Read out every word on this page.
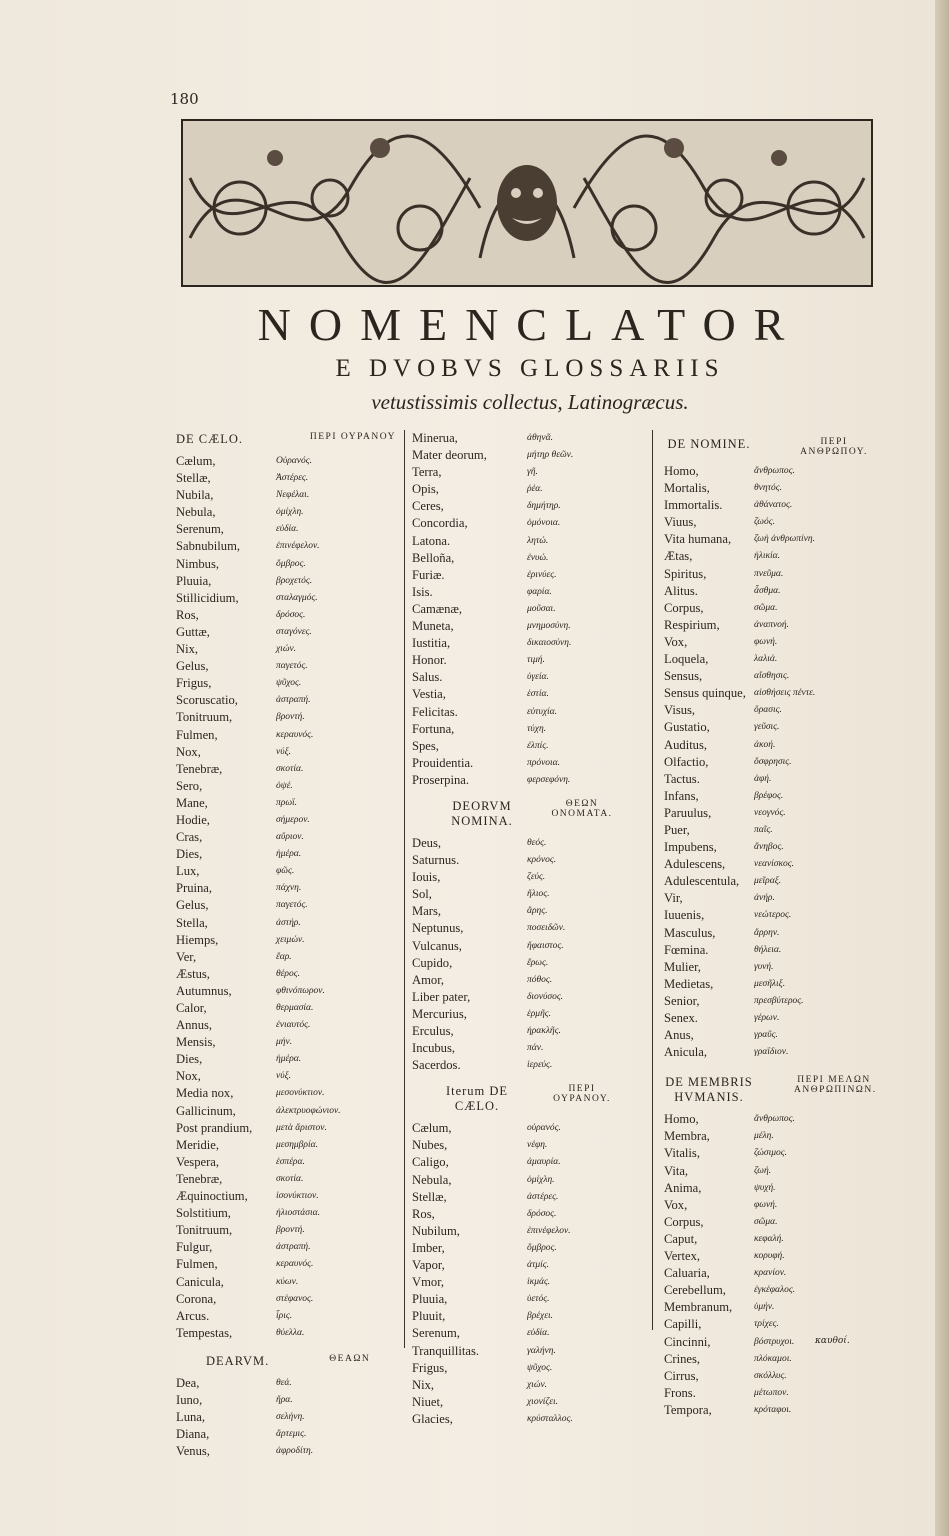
180
NOMENCLATOR
E DVOBVS GLOSSARIIS
vetustissimis collectus, Latinogræcus.
DE CÆLO.	ΠΕΡΙ ΟΥΡΑΝΟΥ
Cælum,	Οὐρανός.
Stellæ,	Ἀστέρες.
Nubila,	Νεφέλαι.
Nebula,	ὁμίχλη.
Serenum,	εὐδία.
Sabnubilum,	ἐπινέφελον.
Nimbus,	ὄμβρος.
Pluuia,	βροχετός.
Stillicidium,	σταλαγμός.
Ros,	δρόσος.
Guttæ,	σταγόνες.
Nix,	χιών.
Gelus,	παγετός.
Frigus,	ψῦχος.
Scoruscatio,	ἀστραπή.
Tonitruum,	βροντή.
Fulmen,	κεραυνός.
Nox,	νύξ.
Tenebræ,	σκοτία.
Sero,	ὀψέ.
Mane,	πρωΐ.
Hodie,	σήμερον.
Cras,	αὔριον.
Dies,	ἡμέρα.
Lux,	φῶς.
Pruina,	πάχνη.
Gelus,	παγετός.
Stella,	ἀστήρ.
Hiemps,	χειμών.
Ver,	ἔαρ.
Æstus,	θέρος.
Autumnus,	φθινόπωρον.
Calor,	θερμασία.
Annus,	ἐνιαυτός.
Mensis,	μήν.
Dies,	ἡμέρα.
Nox,	νύξ.
Media nox,	μεσονύκτιον.
Gallicinum,	ἀλεκτρυοφώνιον.
Post prandium,	μετὰ ἄριστον.
Meridie,	μεσημβρία.
Vespera,	ἑσπέρα.
Tenebræ,	σκοτία.
Æquinoctium,	ἰσονύκτιον.
Solstitium,	ἡλιοστάσια.
Tonitruum,	βροντή.
Fulgur,	ἀστραπή.
Fulmen,	κεραυνός.
Canicula,	κύων.
Corona,	στέφανος.
Arcus.	ἶρις.
Tempestas,	θύελλα.
DEARVM.	ΘΕΑΩΝ
Dea,	θεά.
Iuno,	ἥρα.
Luna,	σελήνη.
Diana,	ἄρτεμις.
Venus,	ἀφροδίτη.
Minerua,	ἀθηνᾶ.
Mater deorum,	μήτηρ θεῶν.
Terra,	γῆ.
Opis,	ῥέα.
Ceres,	δημήτηρ.
Concordia,	ὁμόνοια.
Latona.	λητώ.
Belloña,	ἐνυώ.
Furiæ.	ἐρινύες.
Isis.	φαρία.
Camænæ,	μοῦσαι.
Muneta,	μνημοσύνη.
Iustitia,	δικαιοσύνη.
Honor.	τιμή.
Salus.	ὑγεία.
Vestia,	ἑστία.
Felicitas.	εὐτυχία.
Fortuna,	τύχη.
Spes,	ἐλπίς.
Prouidentia.	πρόνοια.
Proserpina.	φερσεφόνη.
DEORVM NOMINA.
ΘΕΩΝ ΟΝΟΜΑΤΑ.
Deus,	θεός.
Saturnus.	κρόνος.
Iouis,	ζεύς.
Sol,	ἥλιος.
Mars,	ἄρης.
Neptunus,	ποσειδῶν.
Vulcanus,	ἥφαιστος.
Cupido,	ἔρως.
Amor,	πόθος.
Liber pater,	διονύσος.
Mercurius,	ἑρμῆς.
Erculus,	ἡρακλῆς.
Incubus,	πάν.
Sacerdos.	ἱερεύς.
Iterum DE CÆLO.
ΠΕΡΙ ΟΥΡΑΝΟΥ.
Cælum,	οὐρανός.
Nubes,	νέφη.
Caligo,	ἀμαυρία.
Nebula,	ὁμίχλη.
Stellæ,	ἀστέρες.
Ros,	δρόσος.
Nubilum,	ἐπινέφελον.
Imber,	ὄμβρος.
Vapor,	ἀτμίς.
Vmor,	ἰκμάς.
Pluuia,	ὑετός.
Pluuit,	βρέχει.
Serenum,	εὐδία.
Tranquillitas.	γαλήνη.
Frigus,	ψῦχος.
Nix,	χιών.
Niuet,	χιονίζει.
Glacies,	κρύσταλλος.
DE NOMINE.	ΠΕΡΙ ΑΝΘΡΩΠΟΥ.
Homo,	ἄνθρωπος.
Mortalis,	θνητός.
Immortalis.	ἀθάνατος.
Viuus,	ζωός.
Vita humana,	ζωὴ ἀνθρωπίνη.
Ætas,	ἡλικία.
Spiritus,	πνεῦμα.
Alitus.	ἆσθμα.
Corpus,	σῶμα.
Respirium,	ἀναπνοή.
Vox,	φωνή.
Loquela,	λαλιά.
Sensus,	αἴσθησις.
Sensus quinque, αἰσθήσεις πέντε.
Visus,	ὅρασις.
Gustatio,	γεῦσις.
Auditus,	ἀκοή.
Olfactio,	ὄσφρησις.
Tactus.	ἁφή.
Infans,	βρέφος.
Paruulus,	νεογνός.
Puer,	παῖς.
Impubens,	ἄνηβος.
Adulescens,	νεανίσκος.
Adulescentula,	μεῖραξ.
Vir,	ἀνήρ.
Iuuenis,	νεώτερος.
Masculus,	ἄρρην.
Fœmina.	θήλεια.
Mulier,	γυνή.
Medietas,	μεσῆλιξ.
Senior,	πρεσβύτερος.
Senex.	γέρων.
Anus,	γραῦς.
Anicula,	γραΐδιον.
DE MEMBRIS HVMANIS.
ΠΕΡΙ ΜΕΛΩΝ ΑΝΘΡΩΠΙΝΩΝ.
Homo,	ἄνθρωπος.
Membra,	μέλη.
Vitalis,	ζώσιμος.
Vita,	ζωή.
Anima,	ψυχή.
Vox,	φωνή.
Corpus,	σῶμα.
Caput,	κεφαλή.
Vertex,	κορυφή.
Caluaria,	κρανίον.
Cerebellum,	ἐγκέφαλος.
Membranum,	ὑμήν.
Capilli,	τρίχες.
Cincinni,	βόστρυχοι.
Crines,	πλόκαμοι.
Cirrus,	σκόλλυς.
Frons.	μέτωπον.
Tempora,	κρόταφοι.
καυθοί.
